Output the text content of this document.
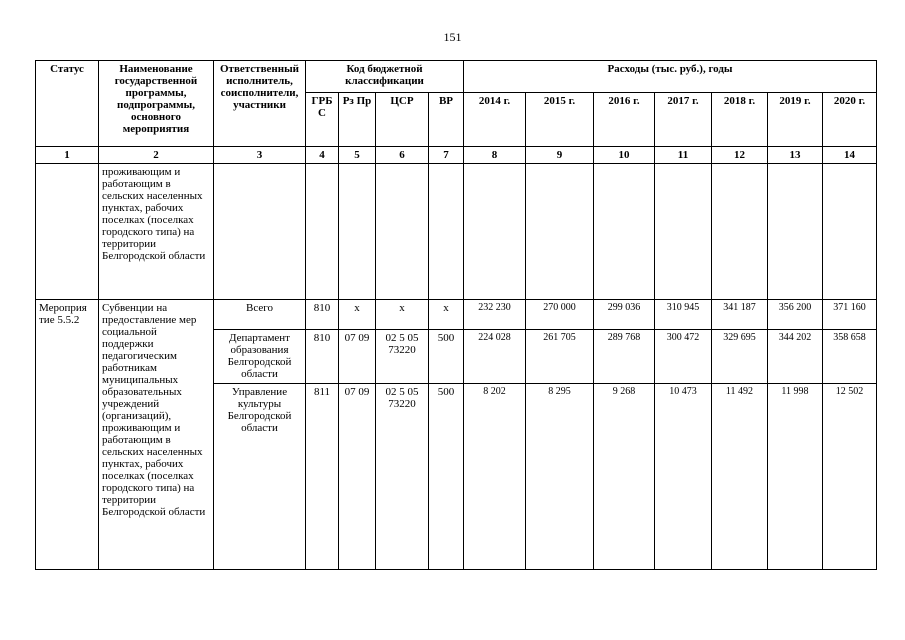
151
Статус	Наименование государственной программы, подпрограммы, основного мероприятия	Ответственный исполнитель, соисполнители, участники	Код бюджетной классификации				Расходы (тыс. руб.), годы						
			ГРБ С	Рз Пр	ЦСР	ВР	2014 г.	2015 г.	2016 г.	2017 г.	2018 г.	2019 г.	2020 г.
1	2	3	4	5	6	7	8	9	10	11	12	13	14
	проживающим и работающим в сельских населенных пунктах, рабочих поселках (поселках городского типа) на территории Белгородской области												
Мероприя тие 5.5.2	Субвенции на предоставление мер социальной поддержки педагогическим работникам муниципальных образовательных учреждений (организаций), проживающим и работающим в сельских населенных пунктах, рабочих поселках (поселках городского типа) на территории Белгородской области	Всего	810	х	х	х	232 230	270 000	299 036	310 945	341 187	356 200	371 160
		Департамент образования Белгородской области	810	07 09	02 5 05 73220	500	224 028	261 705	289 768	300 472	329 695	344 202	358 658
		Управление культуры Белгородской области	811	07 09	02 5 05 73220	500	8 202	8 295	9 268	10 473	11 492	11 998	12 502
